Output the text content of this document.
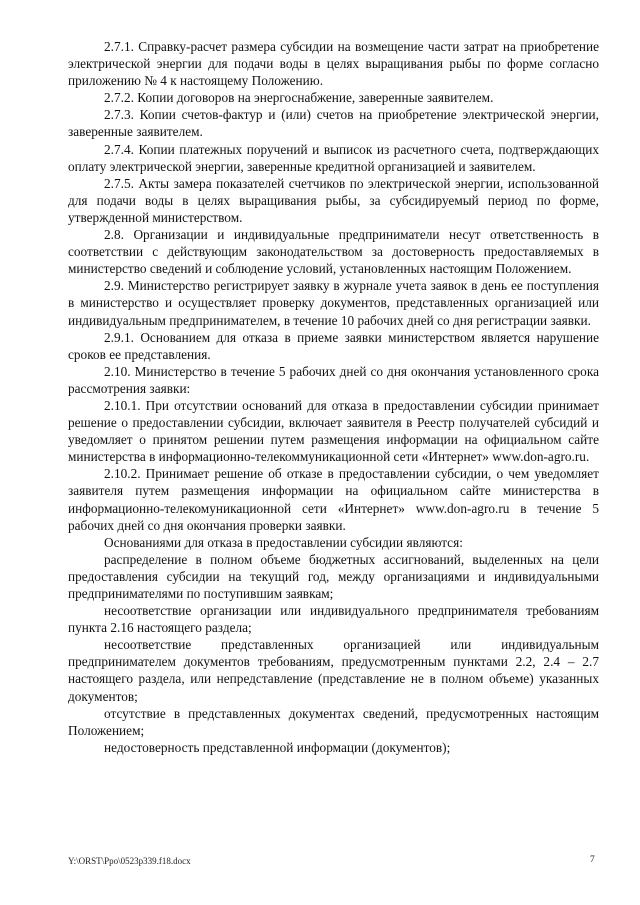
2.7.1. Справку-расчет размера субсидии на возмещение части затрат на приобретение электрической энергии для подачи воды в целях выращивания рыбы по форме согласно приложению № 4 к настоящему Положению.

2.7.2. Копии договоров на энергоснабжение, заверенные заявителем.

2.7.3. Копии счетов-фактур и (или) счетов на приобретение электрической энергии, заверенные заявителем.

2.7.4. Копии платежных поручений и выписок из расчетного счета, подтверждающих оплату электрической энергии, заверенные кредитной организацией и заявителем.

2.7.5. Акты замера показателей счетчиков по электрической энергии, использованной для подачи воды в целях выращивания рыбы, за субсидируемый период по форме, утвержденной министерством.

2.8. Организации и индивидуальные предприниматели несут ответственность в соответствии с действующим законодательством за достоверность предоставляемых в министерство сведений и соблюдение условий, установленных настоящим Положением.

2.9. Министерство регистрирует заявку в журнале учета заявок в день ее поступления в министерство и осуществляет проверку документов, представленных организацией или индивидуальным предпринимателем, в течение 10 рабочих дней со дня регистрации заявки.

2.9.1. Основанием для отказа в приеме заявки министерством является нарушение сроков ее представления.

2.10. Министерство в течение 5 рабочих дней со дня окончания установленного срока рассмотрения заявки:

2.10.1. При отсутствии оснований для отказа в предоставлении субсидии принимает решение о предоставлении субсидии, включает заявителя в Реестр получателей субсидий и уведомляет о принятом решении путем размещения информации на официальном сайте министерства в информационно-телекоммуникационной сети «Интернет» www.don-agro.ru.

2.10.2. Принимает решение об отказе в предоставлении субсидии, о чем уведомляет заявителя путем размещения информации на официальном сайте министерства в информационно-телекомуникационной сети «Интернет» www.don-agro.ru в течение 5 рабочих дней со дня окончания проверки заявки.

Основаниями для отказа в предоставлении субсидии являются:

распределение в полном объеме бюджетных ассигнований, выделенных на цели предоставления субсидии на текущий год, между организациями и индивидуальными предпринимателями по поступившим заявкам;

несоответствие организации или индивидуального предпринимателя требованиям пункта 2.16 настоящего раздела;

несоответствие представленных организацией или индивидуальным предпринимателем документов требованиям, предусмотренным пунктами 2.2, 2.4 – 2.7 настоящего раздела, или непредставление (представление не в полном объеме) указанных документов;

отсутствие в представленных документах сведений, предусмотренных настоящим Положением;

недостоверность представленной информации (документов);

Y:\ORST\Ppo\0523p339.f18.docx	7
